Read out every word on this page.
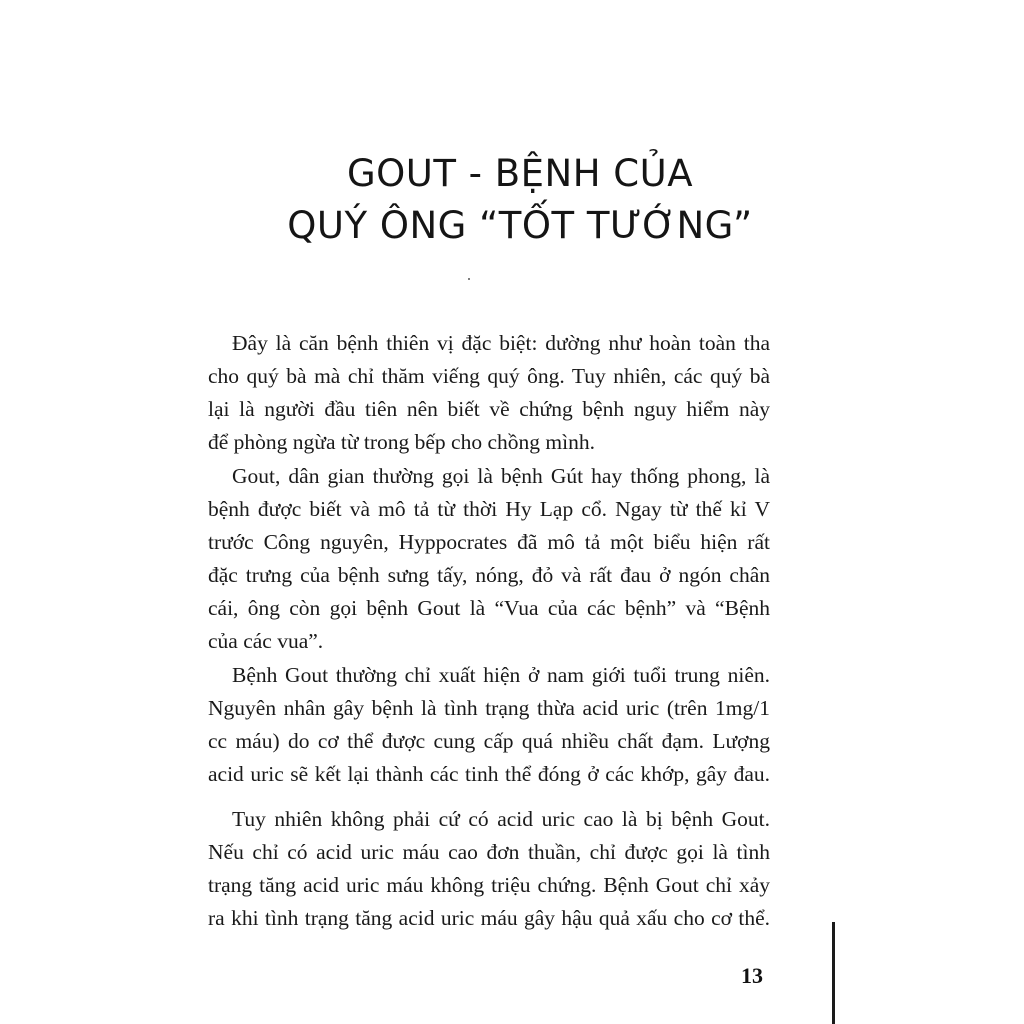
GOUT - BỆNH CỦA
QUÝ ÔNG “TỐT TƯỚNG”
Đây là căn bệnh thiên vị đặc biệt: dường như hoàn toàn tha
cho quý bà mà chỉ thăm viếng quý ông. Tuy nhiên, các quý bà
lại là người đầu tiên nên biết về chứng bệnh nguy hiểm này
để phòng ngừa từ trong bếp cho chồng mình.
Gout, dân gian thường gọi là bệnh Gút hay thống phong, là
bệnh được biết và mô tả từ thời Hy Lạp cổ. Ngay từ thế kỉ V
trước Công nguyên, Hyppocrates đã mô tả một biểu hiện rất
đặc trưng của bệnh sưng tấy, nóng, đỏ và rất đau ở ngón chân
cái, ông còn gọi bệnh Gout là “Vua của các bệnh” và “Bệnh
của các vua”.
Bệnh Gout thường chỉ xuất hiện ở nam giới tuổi trung niên.
Nguyên nhân gây bệnh là tình trạng thừa acid uric (trên 1mg/1
cc máu) do cơ thể được cung cấp quá nhiều chất đạm. Lượng
acid uric sẽ kết lại thành các tinh thể đóng ở các khớp, gây đau.
Tuy nhiên không phải cứ có acid uric cao là bị bệnh Gout.
Nếu chỉ có acid uric máu cao đơn thuần, chỉ được gọi là tình
trạng tăng acid uric máu không triệu chứng. Bệnh Gout chỉ xảy
ra khi tình trạng tăng acid uric máu gây hậu quả xấu cho cơ thể.
13
